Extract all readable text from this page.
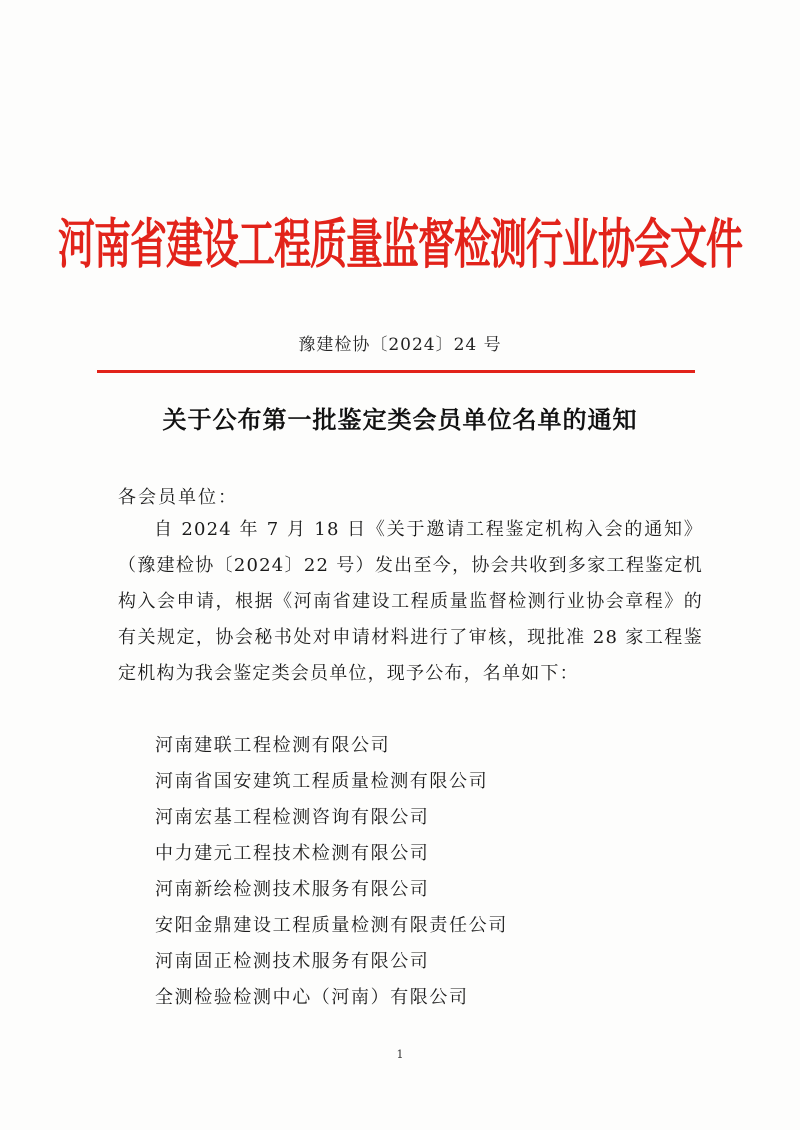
河南省建设工程质量监督检测行业协会文件
豫建检协〔2024〕24 号
关于公布第一批鉴定类会员单位名单的通知
各会员单位：
自 2024 年 7 月 18 日《关于邀请工程鉴定机构入会的通知》（豫建检协〔2024〕22 号）发出至今，协会共收到多家工程鉴定机构入会申请，根据《河南省建设工程质量监督检测行业协会章程》的有关规定，协会秘书处对申请材料进行了审核，现批准 28 家工程鉴定机构为我会鉴定类会员单位，现予公布，名单如下：
河南建联工程检测有限公司
河南省国安建筑工程质量检测有限公司
河南宏基工程检测咨询有限公司
中力建元工程技术检测有限公司
河南新绘检测技术服务有限公司
安阳金鼎建设工程质量检测有限责任公司
河南固正检测技术服务有限公司
全测检验检测中心（河南）有限公司
1
